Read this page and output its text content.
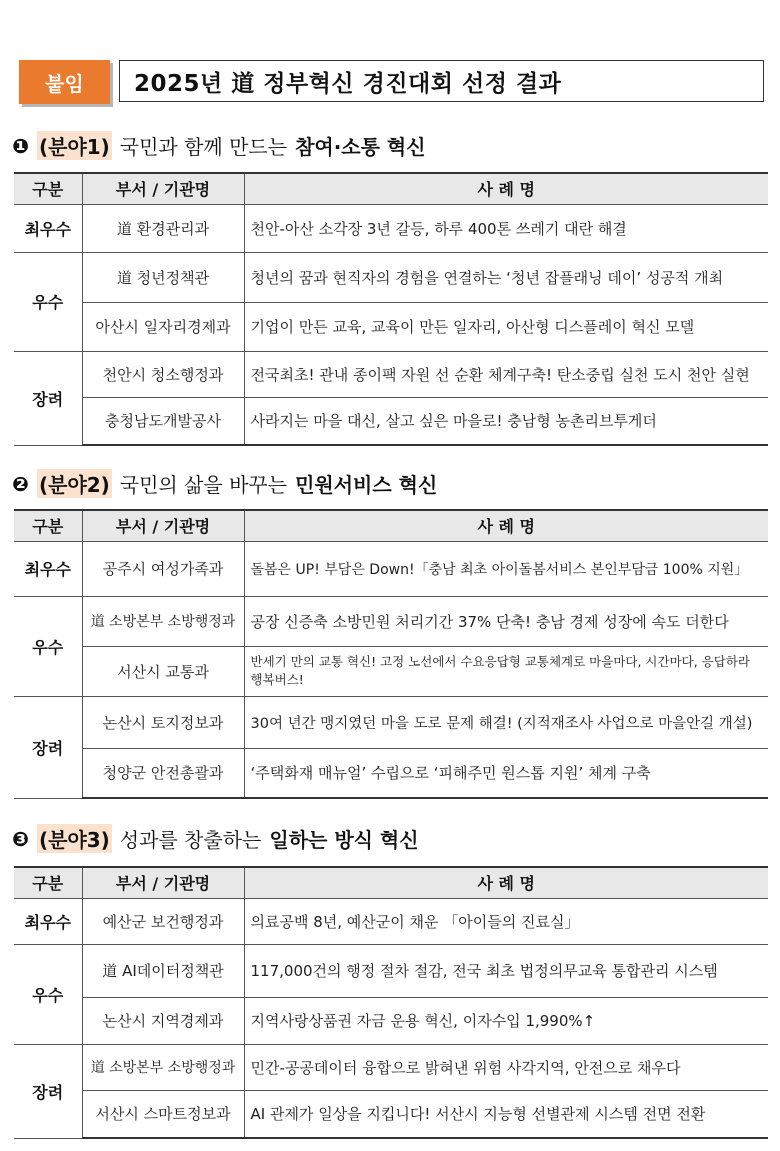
붙임	2025년 道 정부혁신 경진대회 선정 결과
❶ (분야1) 국민과 함께 만드는 참여·소통 혁신
구분	부서 / 기관명	사 례 명
최우수	道 환경관리과	천안-아산 소각장 3년 갈등, 하루 400톤 쓰레기 대란 해결
우수	道 청년정책관	청년의 꿈과 현직자의 경험을 연결하는 ‘청년 잡플래닝 데이’ 성공적 개최
	아산시 일자리경제과	기업이 만든 교육, 교육이 만든 일자리, 아산형 디스플레이 혁신 모델
장려	천안시 청소행정과	전국최초! 관내 종이팩 자원 선 순환 체계구축! 탄소중립 실천 도시 천안 실현
	충청남도개발공사	사라지는 마을 대신, 살고 싶은 마을로! 충남형 농촌리브투게더
❷ (분야2) 국민의 삶을 바꾸는 민원서비스 혁신
구분	부서 / 기관명	사 례 명
최우수	공주시 여성가족과	돌봄은 UP! 부담은 Down!「충남 최초 아이돌봄서비스 본인부담금 100% 지원」
우수	道 소방본부 소방행정과	공장 신증축 소방민원 처리기간 37% 단축! 충남 경제 성장에 속도 더한다
	서산시 교통과	반세기 만의 교통 혁신! 고정 노선에서 수요응답형 교통체계로 마을마다, 시간마다, 응답하라 행복버스!
장려	논산시 토지정보과	30여 년간 맹지였던 마을 도로 문제 해결! (지적재조사 사업으로 마을안길 개설)
	청양군 안전총괄과	‘주택화재 매뉴얼’ 수립으로 ‘피해주민 원스톱 지원’ 체계 구축
❸ (분야3) 성과를 창출하는 일하는 방식 혁신
구분	부서 / 기관명	사 례 명
최우수	예산군 보건행정과	의료공백 8년, 예산군이 채운 「아이들의 진료실」
우수	道 AI데이터정책관	117,000건의 행정 절차 절감, 전국 최초 법정의무교육 통합관리 시스템
	논산시 지역경제과	지역사랑상품권 자금 운용 혁신, 이자수입 1,990%↑
장려	道 소방본부 소방행정과	민간-공공데이터 융합으로 밝혀낸 위험 사각지역, 안전으로 채우다
	서산시 스마트정보과	AI 관제가 일상을 지킵니다! 서산시 지능형 선별관제 시스템 전면 전환
